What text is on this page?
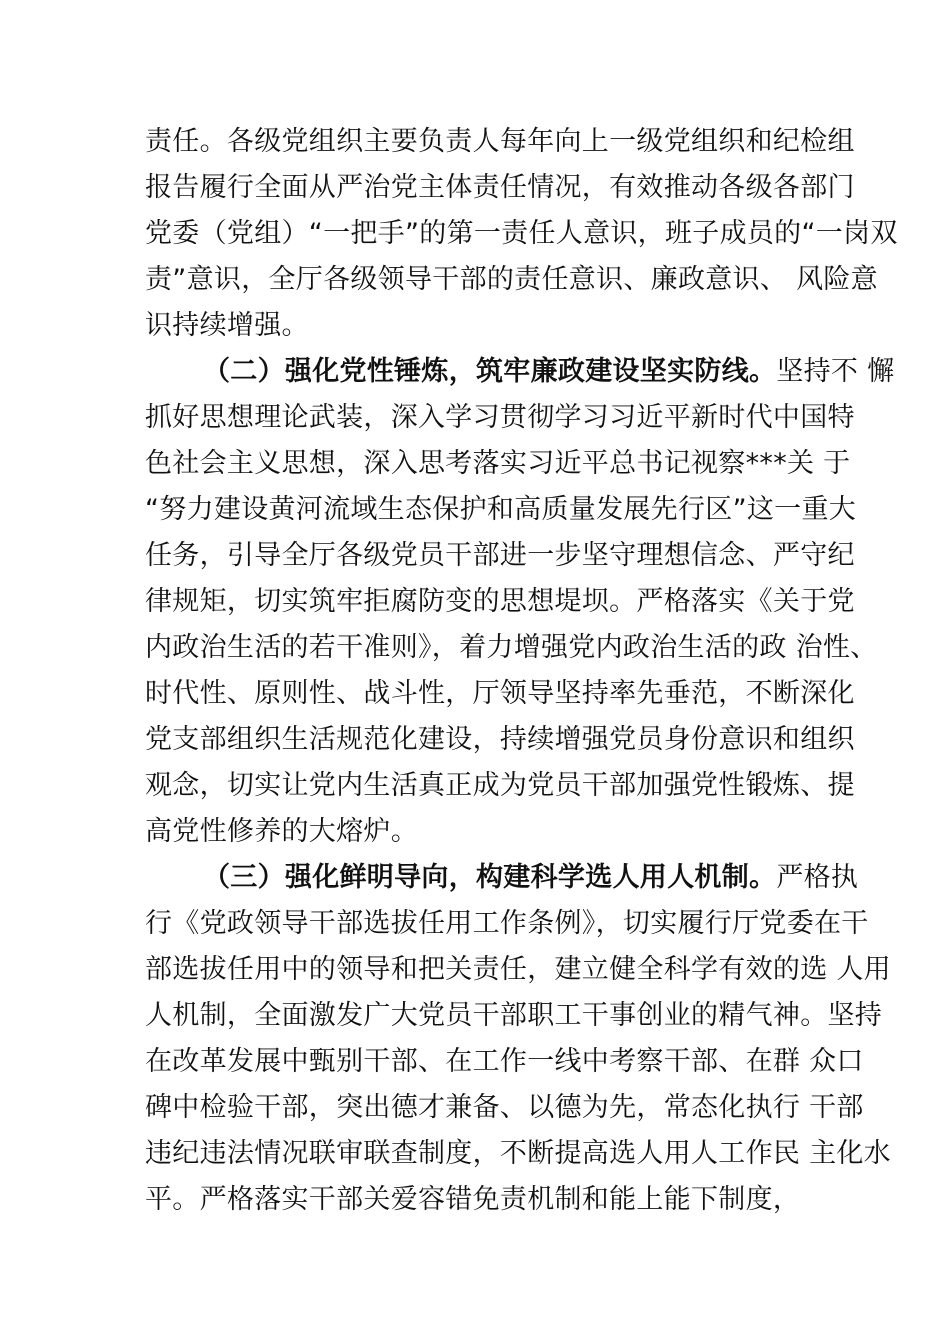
责任。各级党组织主要负责人每年向上一级党组织和纪检组
报告履行全面从严治党主体责任情况，有效推动各级各部门
党委（党组）“一把手”的第一责任人意识，班子成员的“一岗双
责”意识，全厅各级领导干部的责任意识、廉政意识、 风险意
识持续增强。
（二）强化党性锤炼，筑牢廉政建设坚实防线。坚持不 懈
抓好思想理论武装，深入学习贯彻学习习近平新时代中国特
色社会主义思想，深入思考落实习近平总书记视察***关 于
“努力建设黄河流域生态保护和高质量发展先行区”这一重大
任务，引导全厅各级党员干部进一步坚守理想信念、严守纪
律规矩，切实筑牢拒腐防变的思想堤坝。严格落实《关于党
内政治生活的若干准则》，着力增强党内政治生活的政 治性、
时代性、原则性、战斗性，厅领导坚持率先垂范，不断深化
党支部组织生活规范化建设，持续增强党员身份意识和组织
观念，切实让党内生活真正成为党员干部加强党性锻炼、提
高党性修养的大熔炉。
（三）强化鲜明导向，构建科学选人用人机制。严格执
行《党政领导干部选拔任用工作条例》，切实履行厅党委在干
部选拔任用中的领导和把关责任，建立健全科学有效的选 人用
人机制，全面激发广大党员干部职工干事创业的精气神。坚持
在改革发展中甄别干部、在工作一线中考察干部、在群 众口
碑中检验干部，突出德才兼备、以德为先，常态化执行 干部
违纪违法情况联审联查制度，不断提高选人用人工作民 主化水
平。严格落实干部关爱容错免责机制和能上能下制度，
